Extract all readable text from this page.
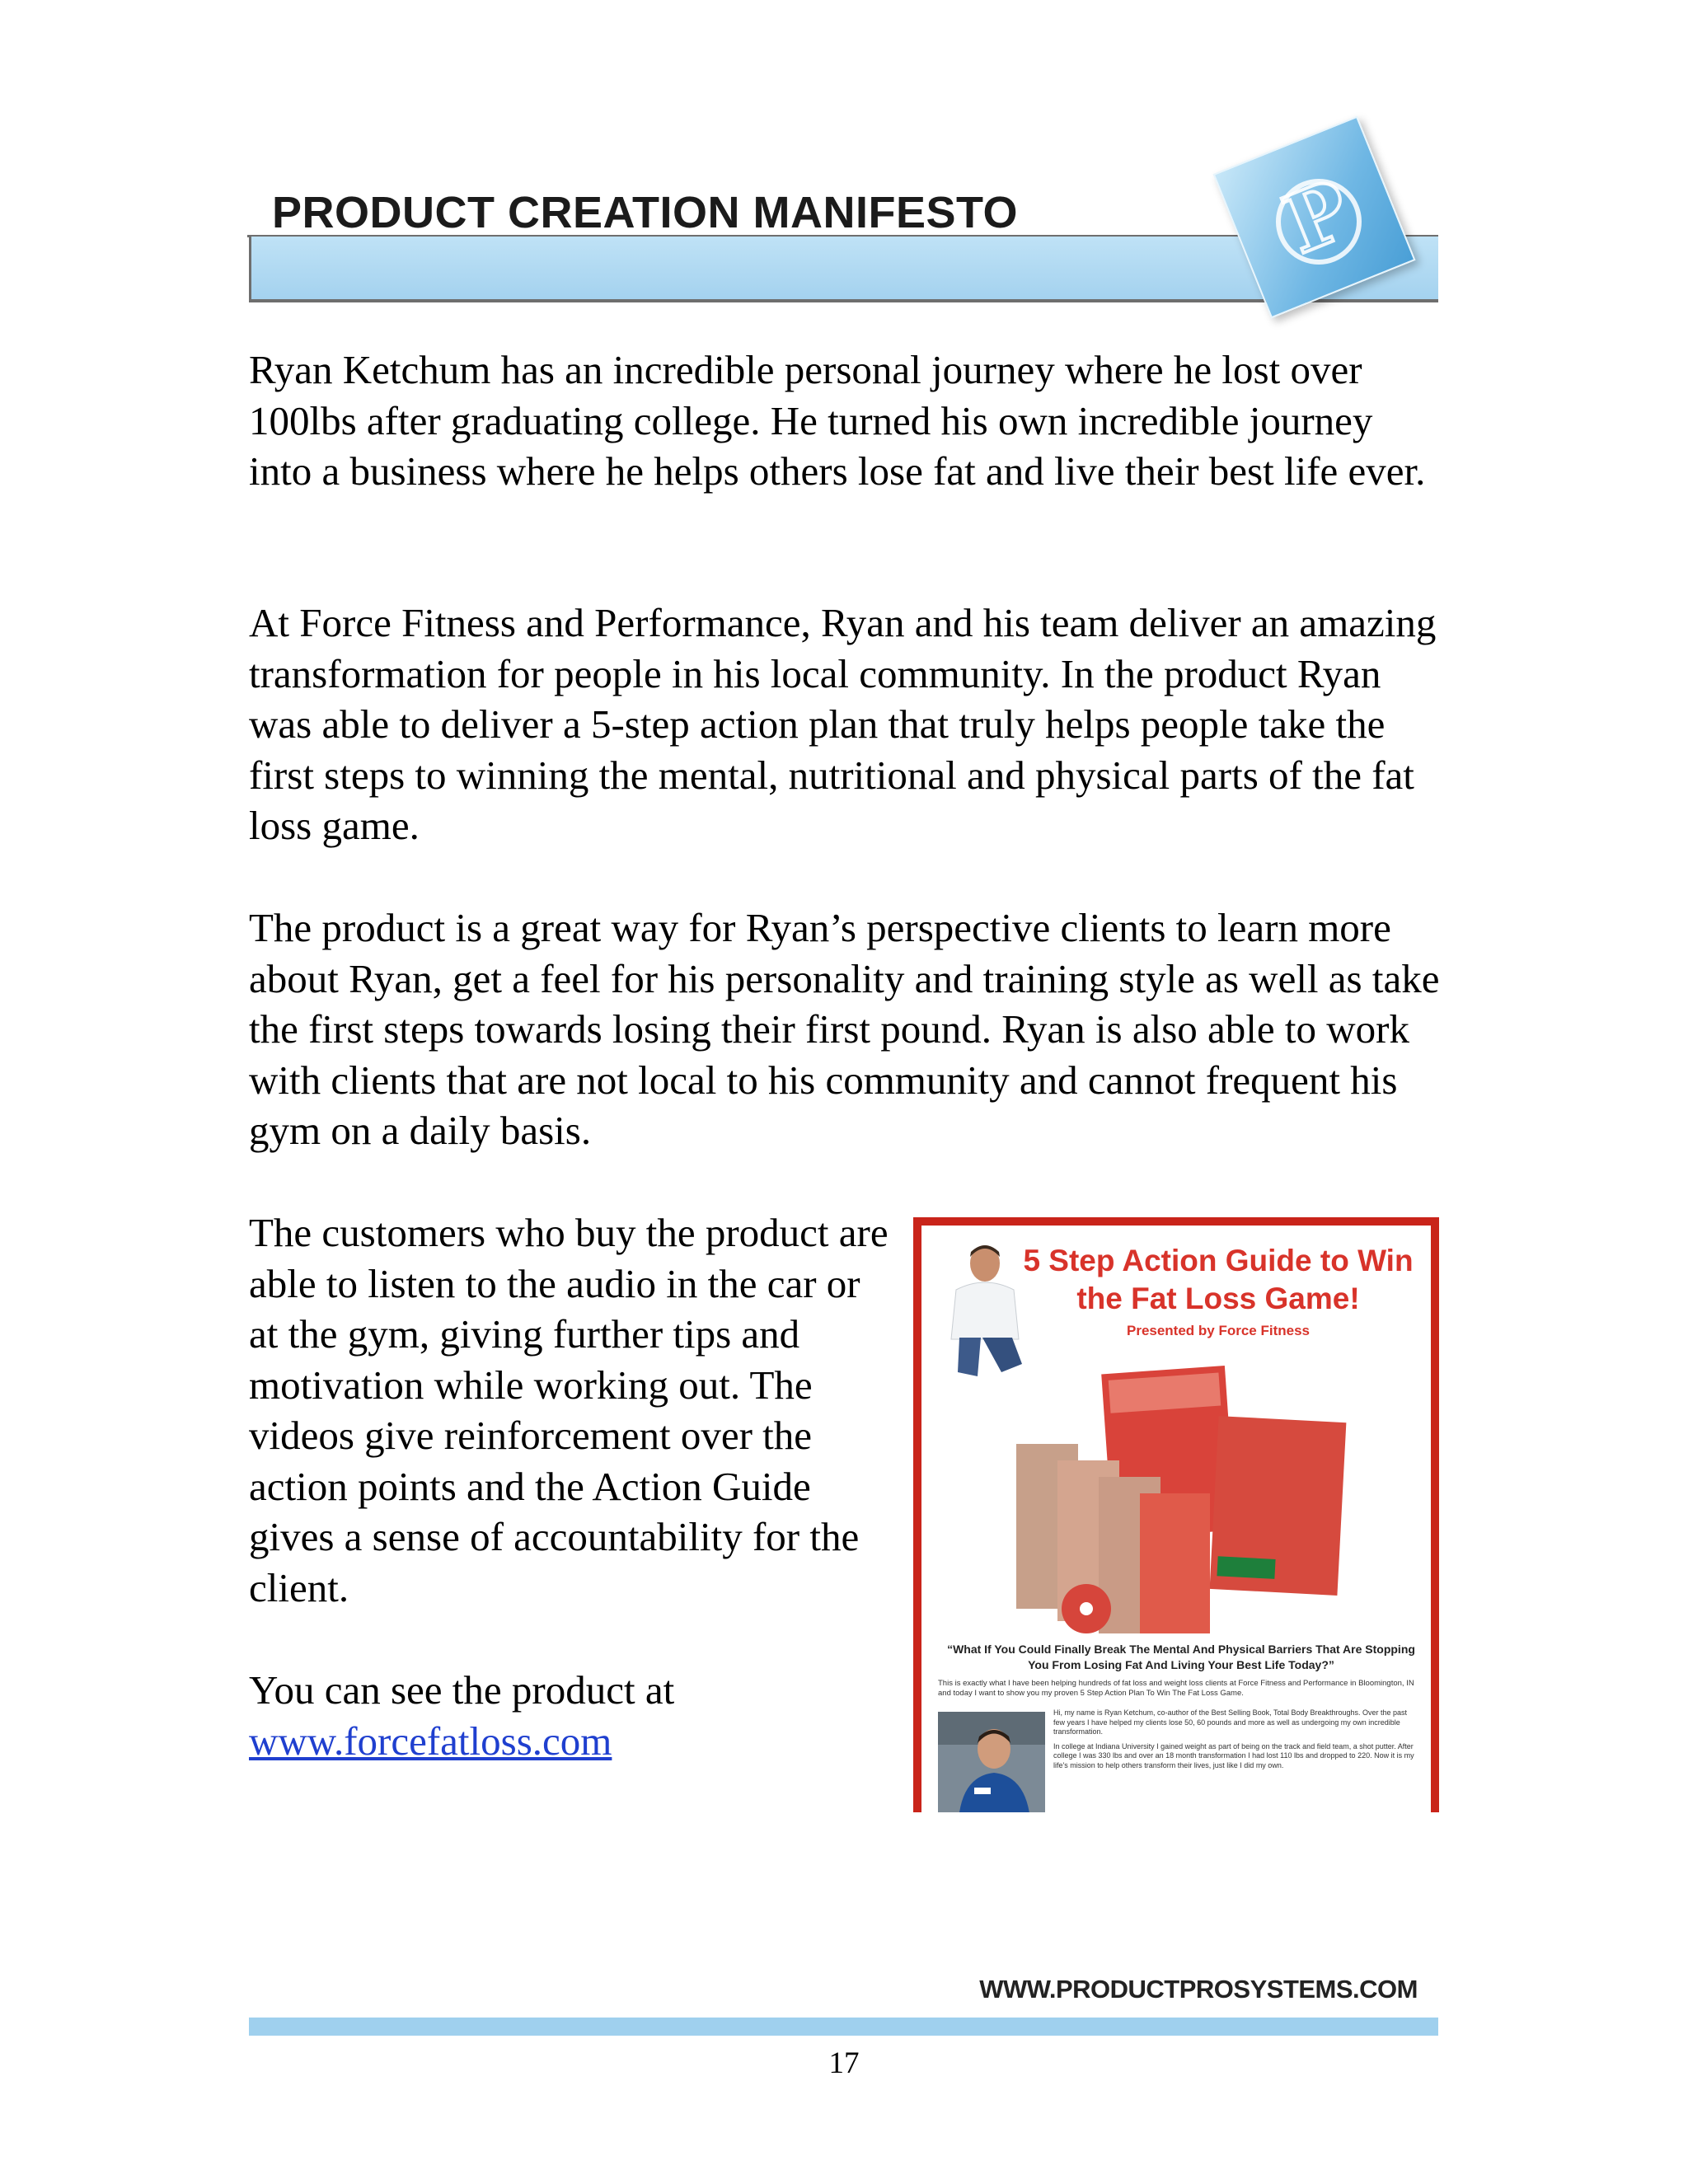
PRODUCT CREATION MANIFESTO	P

Ryan Ketchum has an incredible personal journey where he lost over 100lbs after graduating college. He turned his own incredible journey into a business where he helps others lose fat and live their best life ever.

At Force Fitness and Performance, Ryan and his team deliver an amazing transformation for people in his local community. In the product Ryan was able to deliver a 5-step action plan that truly helps people take the first steps to winning the mental, nutritional and physical parts of the fat loss game.

The product is a great way for Ryan’s perspective clients to learn more about Ryan, get a feel for his personality and training style as well as take the first steps towards losing their first pound. Ryan is also able to work with clients that are not local to his community and cannot frequent his gym on a daily basis.

The customers who buy the product are able to listen to the audio in the car or at the gym, giving further tips and motivation while working out. The videos give reinforcement over the action points and the Action Guide gives a sense of accountability for the client.

You can see the product at
www.forcefatloss.com

5 Step Action Guide to Win the Fat Loss Game!
Presented by Force Fitness
“What If You Could Finally Break The Mental And Physical Barriers That Are Stopping You From Losing Fat And Living Your Best Life Today?”
This is exactly what I have been helping hundreds of fat loss and weight loss clients at Force Fitness and Performance in Bloomington, IN and today I want to show you my proven 5 Step Action Plan To Win The Fat Loss Game.

Hi, my name is Ryan Ketchum, co-author of the Best Selling Book, Total Body Breakthroughs. Over the past few years I have helped my clients lose 50, 60 pounds and more as well as undergoing my own incredible transformation.

In college at Indiana University I gained weight as part of being on the track and field team, a shot putter. After college I was 330 lbs and over an 18 month transformation I had lost 110 lbs and dropped to 220. Now it is my life's mission to help others transform their lives, just like I did my own.

WWW.PRODUCTPROSYSTEMS.COM
17
